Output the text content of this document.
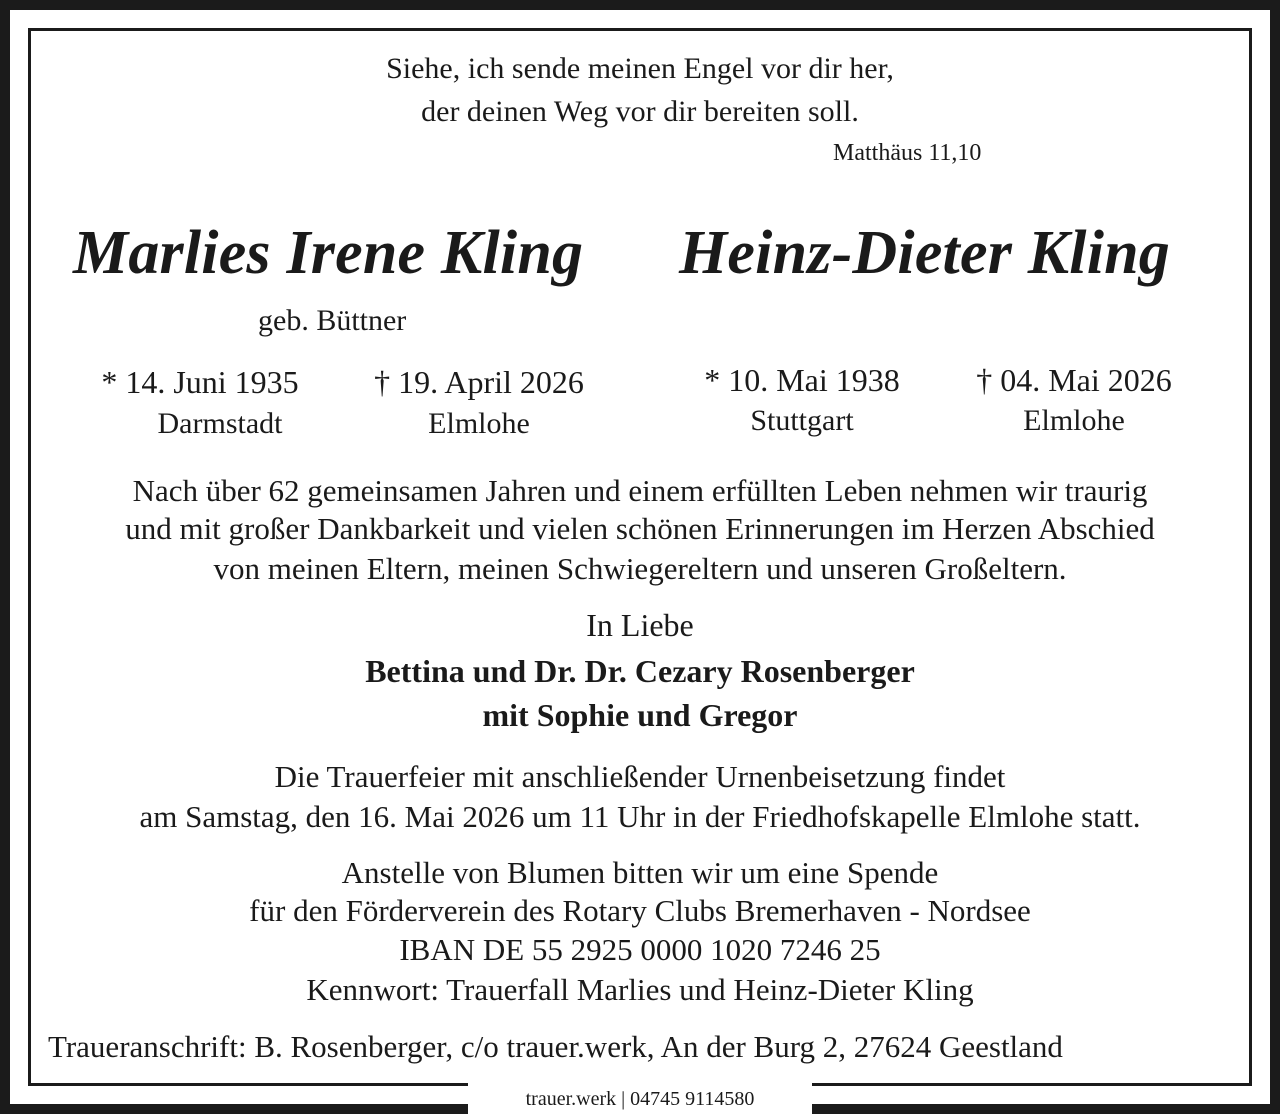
Siehe, ich sende meinen Engel vor dir her,
der deinen Weg vor dir bereiten soll.
Matthäus 11,10
Marlies Irene Kling Heinz-Dieter Kling
geb. Büttner
* 14. Juni 1935
Darmstadt
† 19. April 2026
Elmlohe
* 10. Mai 1938
Stuttgart
† 04. Mai 2026
Elmlohe
Nach über 62 gemeinsamen Jahren und einem erfüllten Leben nehmen wir traurig
und mit großer Dankbarkeit und vielen schönen Erinnerungen im Herzen Abschied
von meinen Eltern, meinen Schwiegereltern und unseren Großeltern.
In Liebe
Bettina und Dr. Dr. Cezary Rosenberger
mit Sophie und Gregor
Die Trauerfeier mit anschließender Urnenbeisetzung findet
am Samstag, den 16. Mai 2026 um 11 Uhr in der Friedhofskapelle Elmlohe statt.
Anstelle von Blumen bitten wir um eine Spende
für den Förderverein des Rotary Clubs Bremerhaven - Nordsee
IBAN DE 55 2925 0000 1020 7246 25
Kennwort: Trauerfall Marlies und Heinz-Dieter Kling
Traueranschrift: B. Rosenberger, c/o trauer.werk, An der Burg 2, 27624 Geestland
trauer.werk | 04745 9114580
